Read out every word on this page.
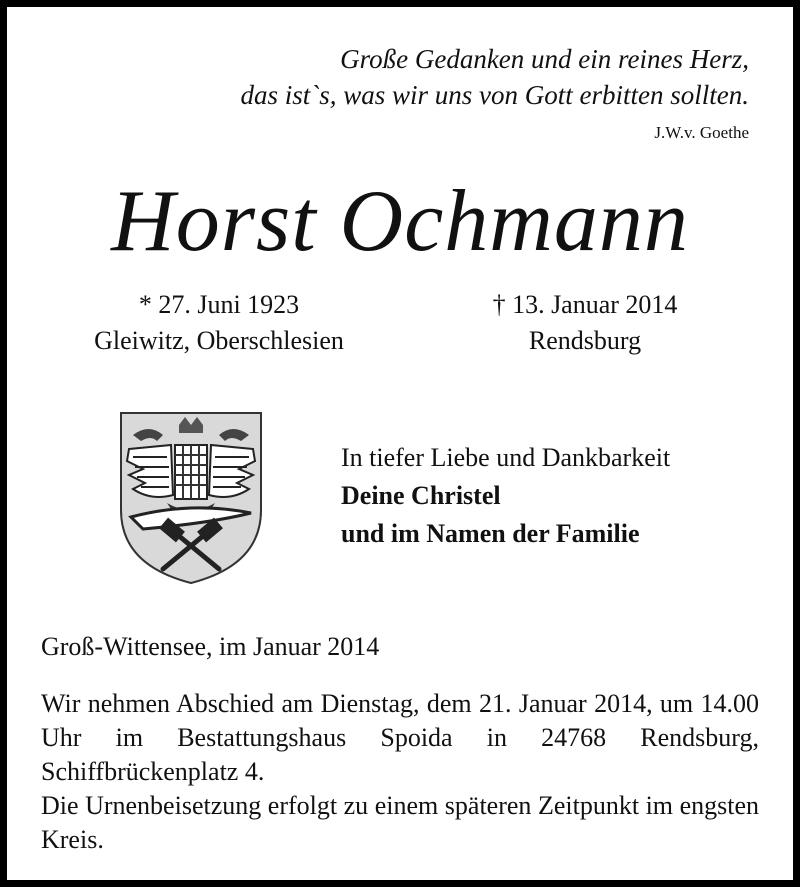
Große Gedanken und ein reines Herz,
das ist`s, was wir uns von Gott erbitten sollten.
J.W.v. Goethe
Horst Ochmann
* 27. Juni 1923
Gleiwitz, Oberschlesien
† 13. Januar 2014
Rendsburg
In tiefer Liebe und Dankbarkeit
Deine Christel
und im Namen der Familie
Groß-Wittensee, im Januar 2014

Wir nehmen Abschied am Dienstag, dem 21. Januar 2014, um 14.00 Uhr im Bestattungshaus Spoida in 24768 Rendsburg, Schiffbrückenplatz 4.

Die Urnenbeisetzung erfolgt zu einem späteren Zeitpunkt im engsten Kreis.
